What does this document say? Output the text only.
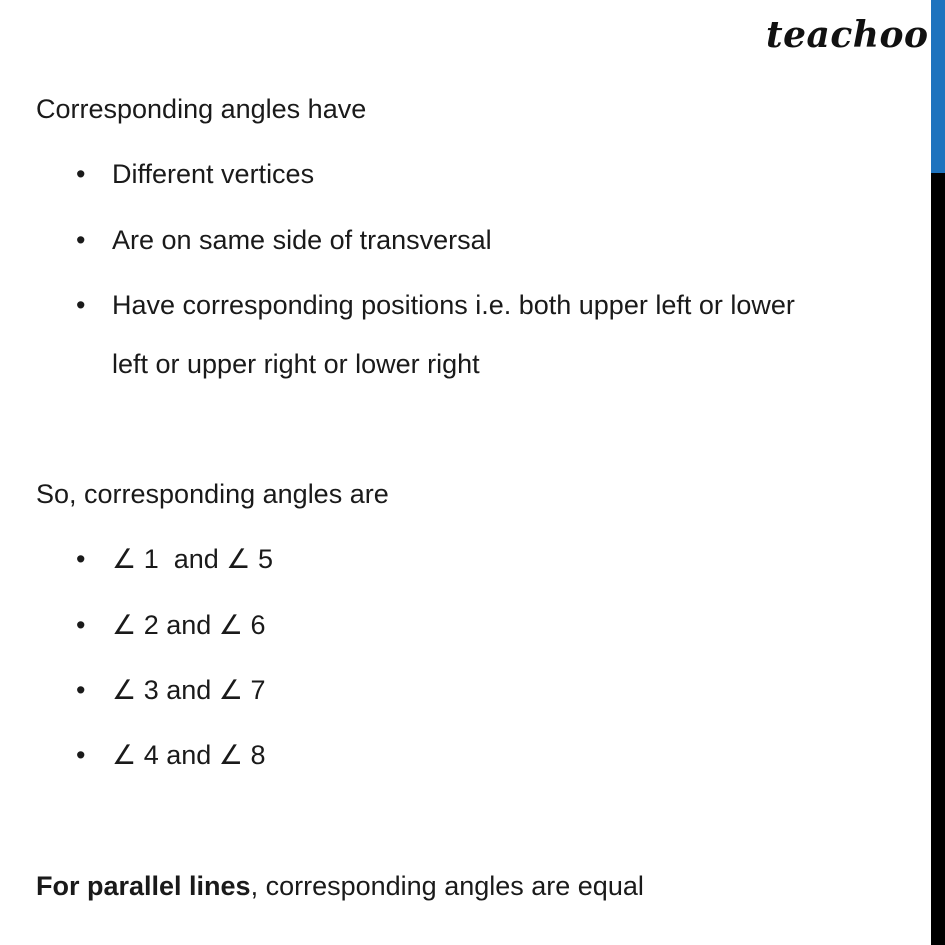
teachoo
Corresponding angles have
• Different vertices
• Are on same side of transversal
• Have corresponding positions i.e. both upper left or lower
left or upper right or lower right
So, corresponding angles are
• ∠ 1  and ∠ 5
• ∠ 2 and ∠ 6
• ∠ 3 and ∠ 7
• ∠ 4 and ∠ 8
For parallel lines, corresponding angles are equal
